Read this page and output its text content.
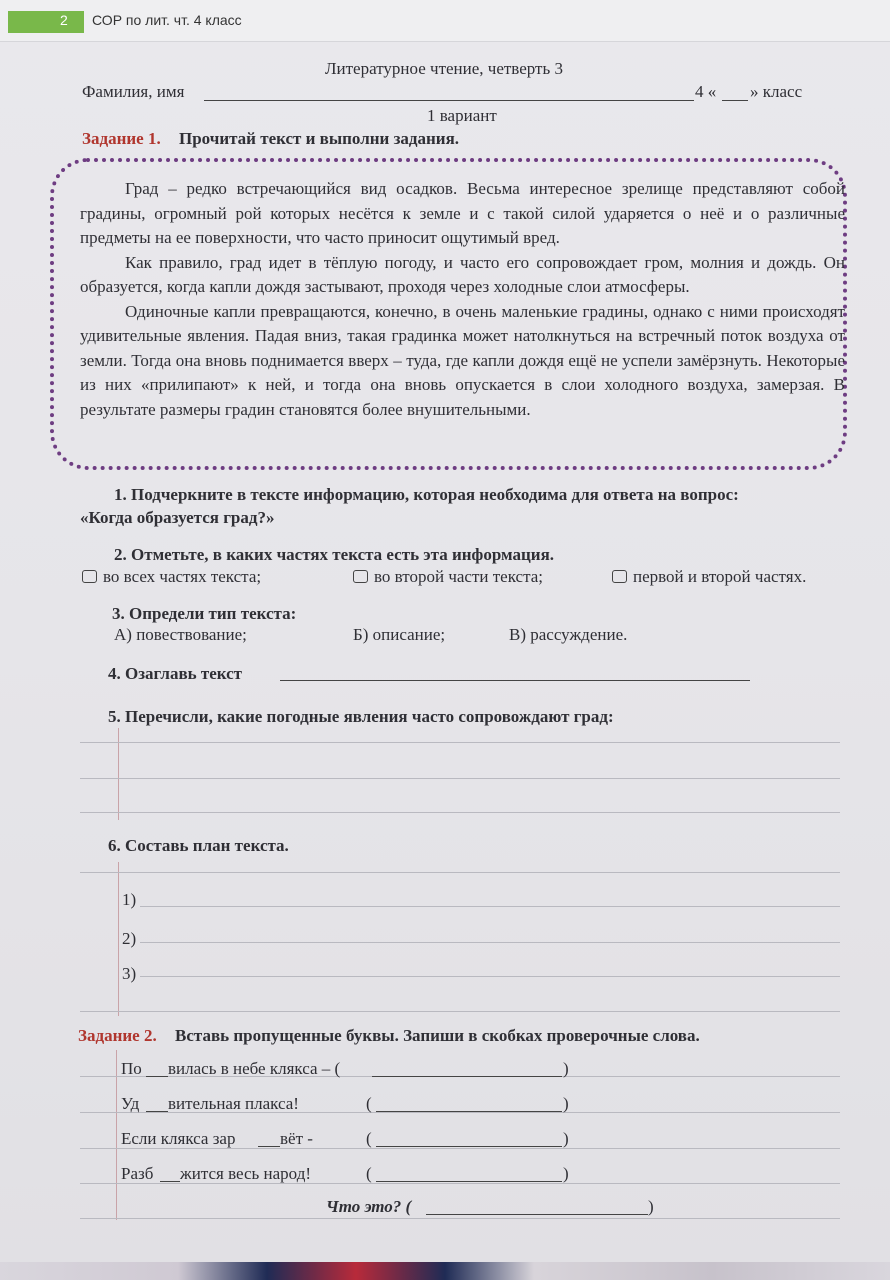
2 СОР по лит. чт. 4 класс
Литературное чтение, четверть 3
Фамилия, имя	4 « » класс
1 вариант
Задание 1. Прочитай текст и выполни задания.

Град – редко встречающийся вид осадков. Весьма интересное зрелище представляют собой градины, огромный рой которых несётся к земле и с такой силой ударяется о неё и о различные предметы на ее поверхности, что часто приносит ощутимый вред.

Как правило, град идет в тёплую погоду, и часто его сопровождает гром, молния и дождь. Он образуется, когда капли дождя застывают, проходя через холодные слои атмосферы.

Одиночные капли превращаются, конечно, в очень маленькие градины, однако с ними происходят удивительные явления. Падая вниз, такая градинка может натолкнуться на встречный поток воздуха от земли. Тогда она вновь поднимается вверх – туда, где капли дождя ещё не успели замёрзнуть. Некоторые из них «прилипают» к ней, и тогда она вновь опускается в слои холодного воздуха, замерзая. В результате размеры градин становятся более внушительными.

1. Подчеркните в тексте информацию, которая необходима для ответа на вопрос:
«Когда образуется град?»
2. Отметьте, в каких частях текста есть эта информация.
во всех частях текста;	во второй части текста;	первой и второй частях.
3. Определи тип текста:
А) повествование;	Б) описание;	В) рассуждение.
4. Озаглавь текст
5. Перечисли, какие погодные явления часто сопровождают град:
6. Составь план текста.
1)
2)
3)
Задание 2. Вставь пропущенные буквы. Запиши в скобках проверочные слова.
По вилась в небе клякса – (	)
Уд вительная плакса!	(	)
Если клякса зар	вёт -	(	)
Разб жится весь народ!	(	)
Что это? (	)
